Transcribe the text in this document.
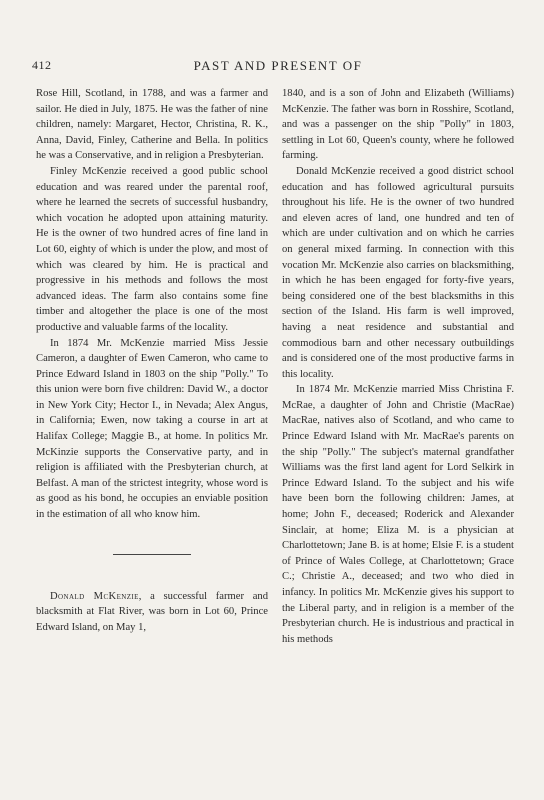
412	PAST AND PRESENT OF

Rose Hill, Scotland, in 1788, and was a farmer and sailor. He died in July, 1875. He was the father of nine children, namely: Margaret, Hector, Christina, R. K., Anna, David, Finley, Catherine and Bella. In politics he was a Conservative, and in religion a Presbyterian.

Finley McKenzie received a good public school education and was reared under the parental roof, where he learned the secrets of successful husbandry, which vocation he adopted upon attaining maturity. He is the owner of two hundred acres of fine land in Lot 60, eighty of which is under the plow, and most of which was cleared by him. He is practical and progressive in his methods and follows the most advanced ideas. The farm also contains some fine timber and altogether the place is one of the most productive and valuable farms of the locality.

In 1874 Mr. McKenzie married Miss Jessie Cameron, a daughter of Ewen Cameron, who came to Prince Edward Island in 1803 on the ship "Polly." To this union were born five children: David W., a doctor in New York City; Hector I., in Nevada; Alex Angus, in California; Ewen, now taking a course in art at Halifax College; Maggie B., at home. In politics Mr. McKinzie supports the Conservative party, and in religion is affiliated with the Presbyterian church, at Belfast. A man of the strictest integrity, whose word is as good as his bond, he occupies an enviable position in the estimation of all who know him.

Donald McKenzie, a successful farmer and blacksmith at Flat River, was born in Lot 60, Prince Edward Island, on May 1,

1840, and is a son of John and Elizabeth (Williams) McKenzie. The father was born in Rosshire, Scotland, and was a passenger on the ship "Polly" in 1803, settling in Lot 60, Queen's county, where he followed farming.

Donald McKenzie received a good district school education and has followed agricultural pursuits throughout his life. He is the owner of two hundred and eleven acres of land, one hundred and ten of which are under cultivation and on which he carries on general mixed farming. In connection with this vocation Mr. McKenzie also carries on blacksmithing, in which he has been engaged for forty-five years, being considered one of the best blacksmiths in this section of the Island. His farm is well improved, having a neat residence and substantial and commodious barn and other necessary outbuildings and is considered one of the most productive farms in this locality.

In 1874 Mr. McKenzie married Miss Christina F. McRae, a daughter of John and Christie (MacRae) MacRae, natives also of Scotland, and who came to Prince Edward Island with Mr. MacRae's parents on the ship "Polly." The subject's maternal grandfather Williams was the first land agent for Lord Selkirk in Prince Edward Island. To the subject and his wife have been born the following children: James, at home; John F., deceased; Roderick and Alexander Sinclair, at home; Eliza M. is a physician at Charlottetown; Jane B. is at home; Elsie F. is a student of Prince of Wales College, at Charlottetown; Grace C.; Christie A., deceased; and two who died in infancy. In politics Mr. McKenzie gives his support to the Liberal party, and in religion is a member of the Presbyterian church. He is industrious and practical in his methods
